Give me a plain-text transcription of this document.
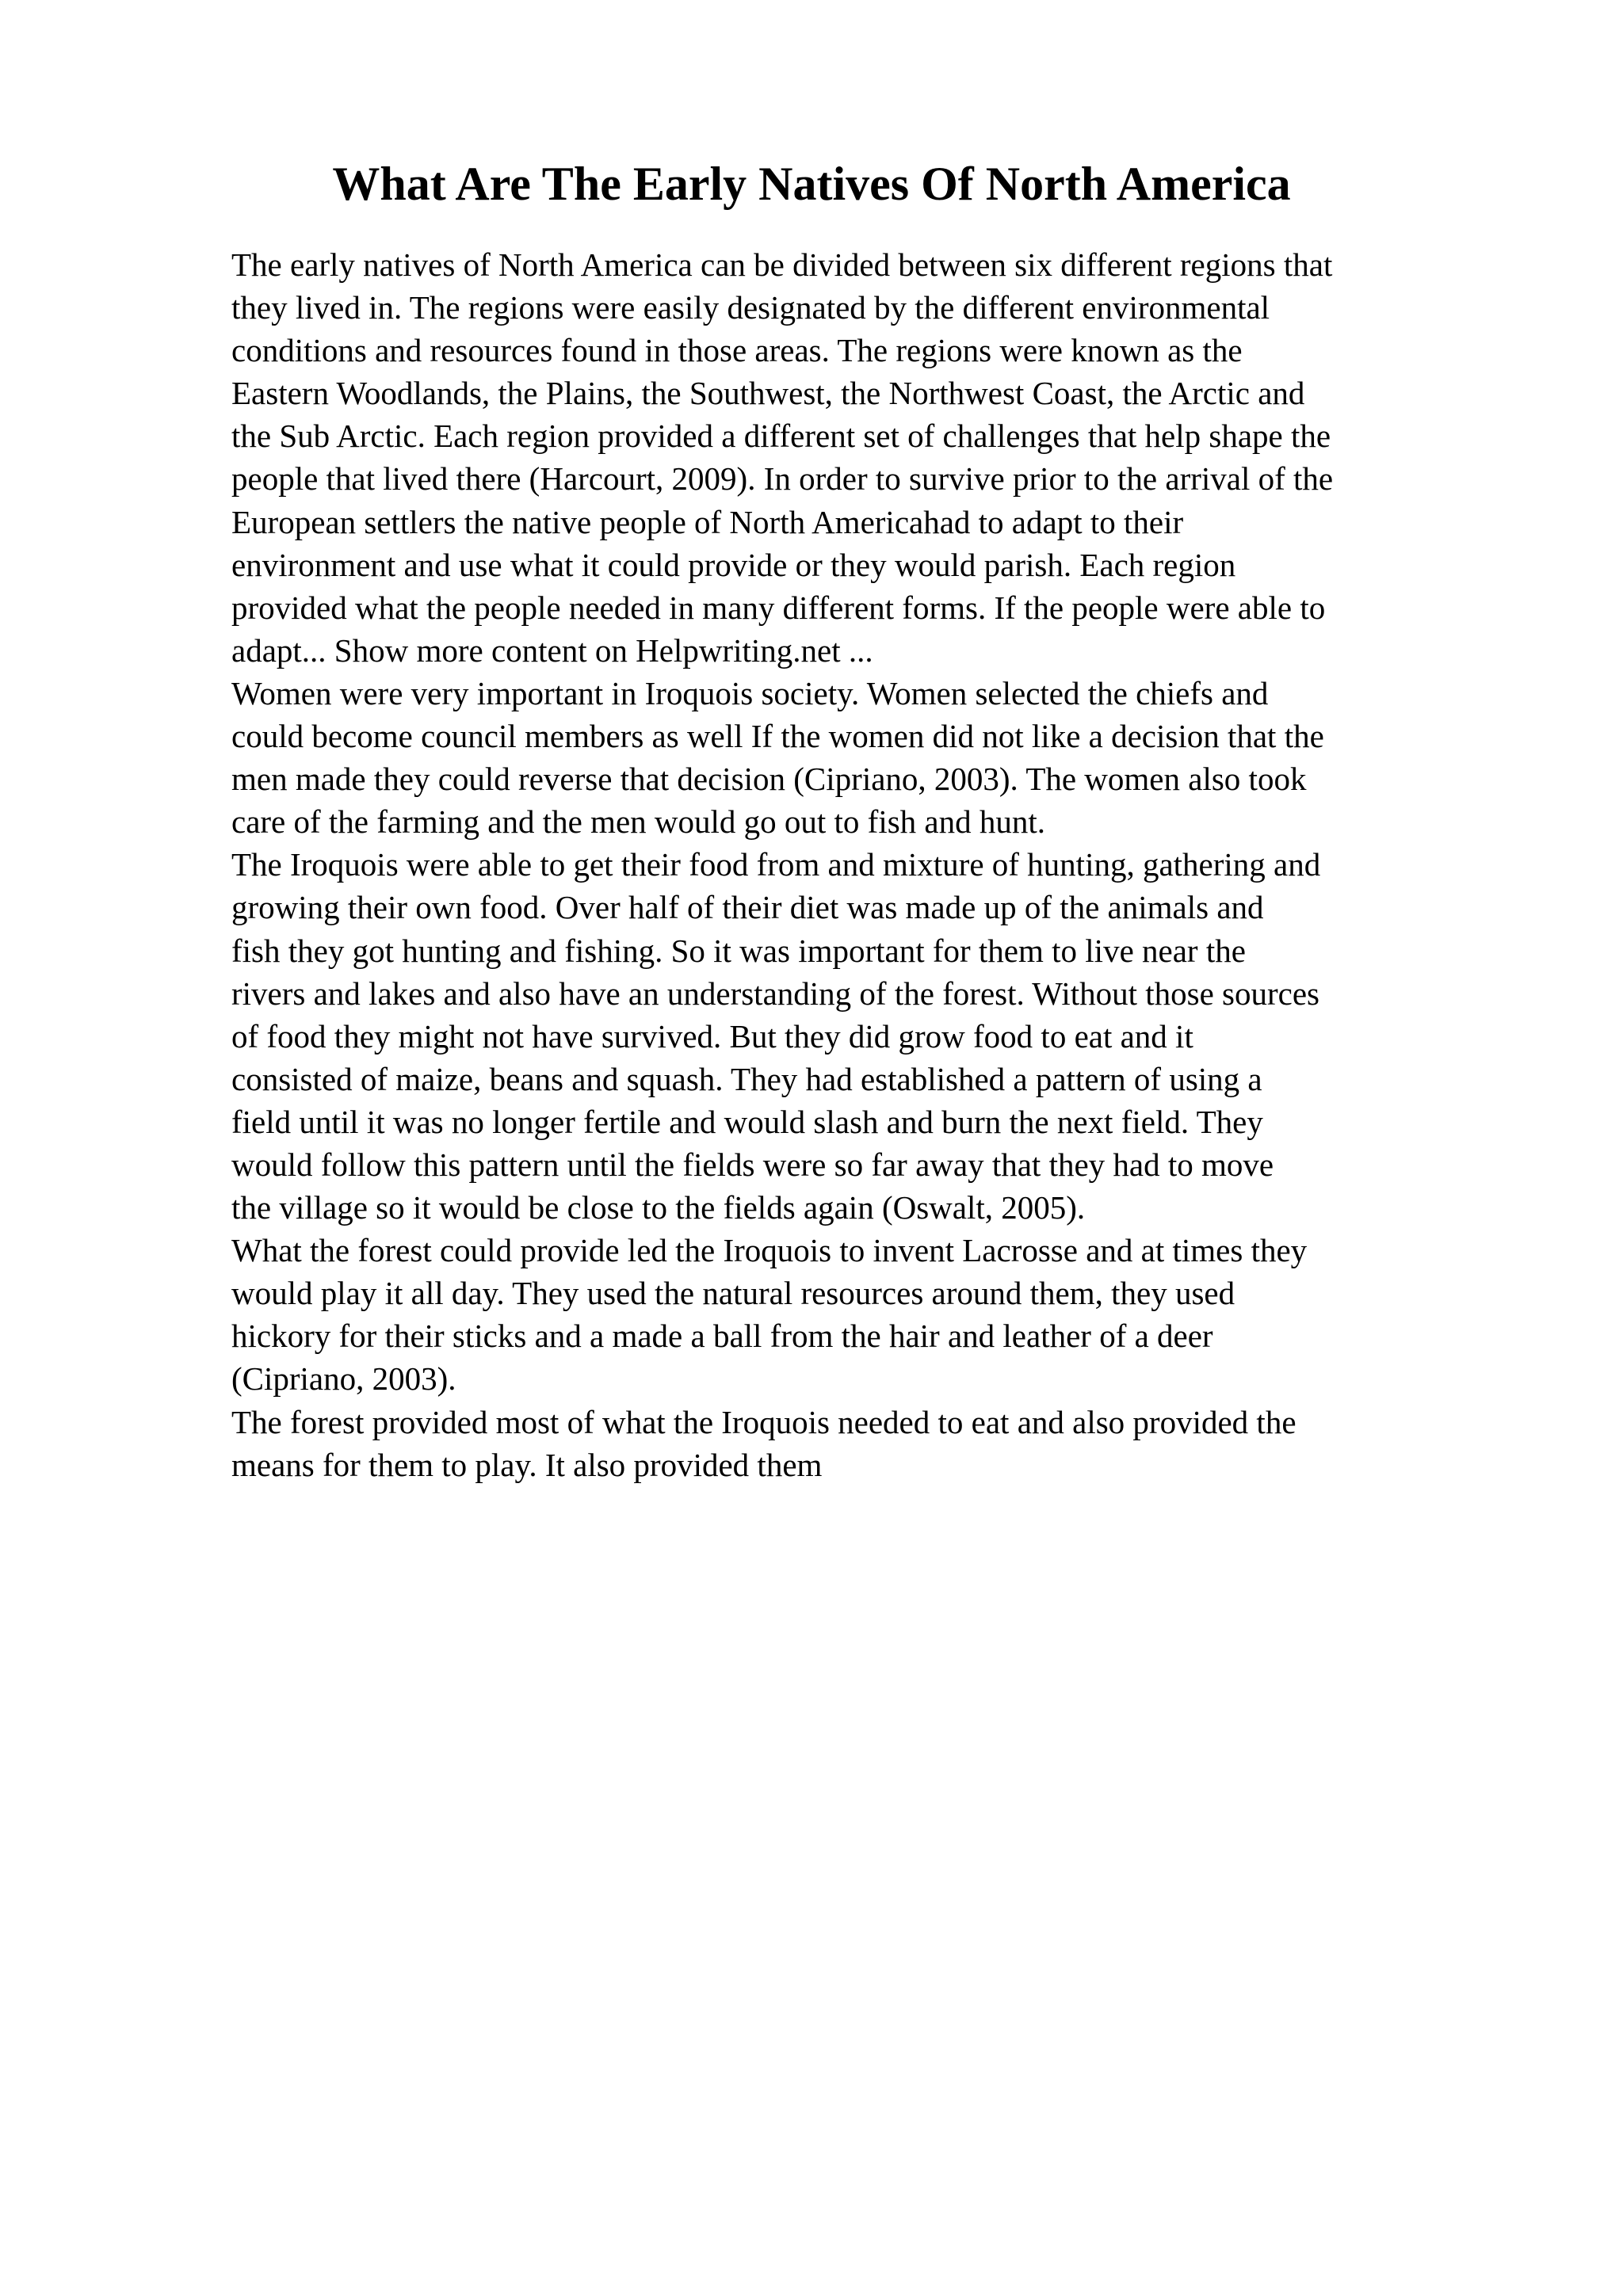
What Are The Early Natives Of North America
The early natives of North America can be divided between six different regions that
they lived in. The regions were easily designated by the different environmental
conditions and resources found in those areas. The regions were known as the
Eastern Woodlands, the Plains, the Southwest, the Northwest Coast, the Arctic and
the Sub Arctic. Each region provided a different set of challenges that help shape the
people that lived there (Harcourt, 2009). In order to survive prior to the arrival of the
European settlers the native people of North Americahad to adapt to their
environment and use what it could provide or they would parish. Each region
provided what the people needed in many different forms. If the people were able to
adapt... Show more content on Helpwriting.net ...
Women were very important in Iroquois society. Women selected the chiefs and
could become council members as well If the women did not like a decision that the
men made they could reverse that decision (Cipriano, 2003). The women also took
care of the farming and the men would go out to fish and hunt.
The Iroquois were able to get their food from and mixture of hunting, gathering and
growing their own food. Over half of their diet was made up of the animals and
fish they got hunting and fishing. So it was important for them to live near the
rivers and lakes and also have an understanding of the forest. Without those sources
of food they might not have survived. But they did grow food to eat and it
consisted of maize, beans and squash. They had established a pattern of using a
field until it was no longer fertile and would slash and burn the next field. They
would follow this pattern until the fields were so far away that they had to move
the village so it would be close to the fields again (Oswalt, 2005).
What the forest could provide led the Iroquois to invent Lacrosse and at times they
would play it all day. They used the natural resources around them, they used
hickory for their sticks and a made a ball from the hair and leather of a deer
(Cipriano, 2003).
The forest provided most of what the Iroquois needed to eat and also provided the
means for them to play. It also provided them
